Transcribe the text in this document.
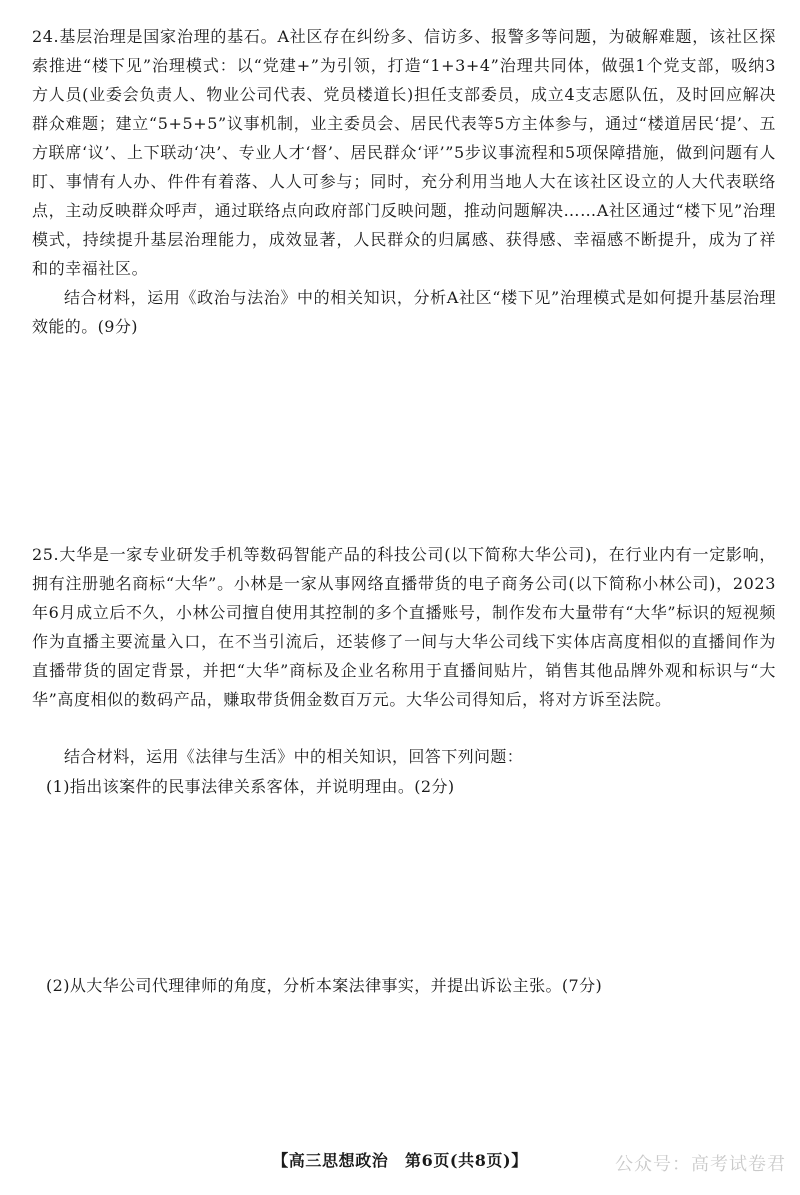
24.基层治理是国家治理的基石。A社区存在纠纷多、信访多、报警多等问题，为破解难题，该社区探索推进“楼下见”治理模式：以“党建+”为引领，打造“1+3+4”治理共同体，做强1个党支部，吸纳3方人员(业委会负责人、物业公司代表、党员楼道长)担任支部委员，成立4支志愿队伍，及时回应解决群众难题；建立“5+5+5”议事机制，业主委员会、居民代表等5方主体参与，通过“楼道居民‘提’、五方联席‘议’、上下联动‘决’、专业人才‘督’、居民群众‘评’”5步议事流程和5项保障措施，做到问题有人盯、事情有人办、件件有着落、人人可参与；同时，充分利用当地人大在该社区设立的人大代表联络点，主动反映群众呼声，通过联络点向政府部门反映问题，推动问题解决……A社区通过“楼下见”治理模式，持续提升基层治理能力，成效显著，人民群众的归属感、获得感、幸福感不断提升，成为了祥和的幸福社区。
结合材料，运用《政治与法治》中的相关知识，分析A社区“楼下见”治理模式是如何提升基层治理效能的。(9分)
25.大华是一家专业研发手机等数码智能产品的科技公司(以下简称大华公司)，在行业内有一定影响，拥有注册驰名商标“大华”。小林是一家从事网络直播带货的电子商务公司(以下简称小林公司)，2023年6月成立后不久，小林公司擅自使用其控制的多个直播账号，制作发布大量带有“大华”标识的短视频作为直播主要流量入口，在不当引流后，还装修了一间与大华公司线下实体店高度相似的直播间作为直播带货的固定背景，并把“大华”商标及企业名称用于直播间贴片，销售其他品牌外观和标识与“大华”高度相似的数码产品，赚取带货佣金数百万元。大华公司得知后，将对方诉至法院。
结合材料，运用《法律与生活》中的相关知识，回答下列问题：
(1)指出该案件的民事法律关系客体，并说明理由。(2分)
(2)从大华公司代理律师的角度，分析本案法律事实，并提出诉讼主张。(7分)
【高三思想政治　第6页(共8页)】	公众号：高考试卷君
